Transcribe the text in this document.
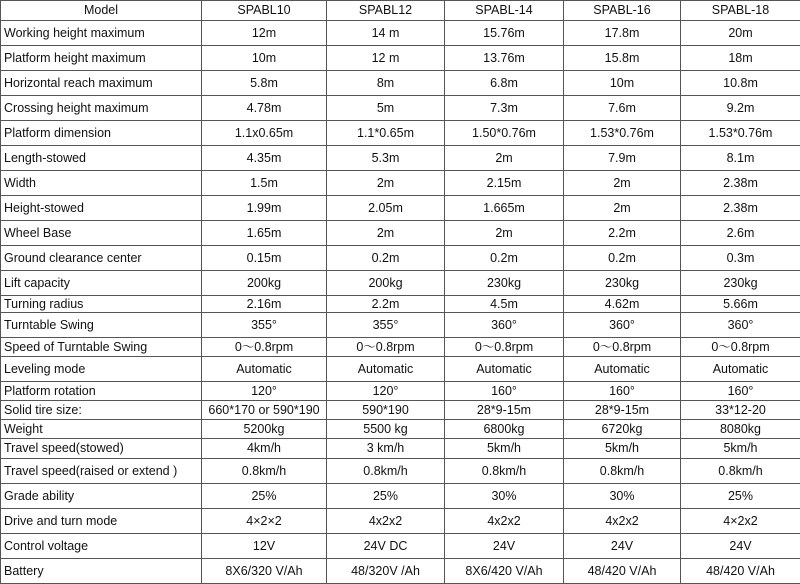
Model	SPABL10	SPABL12	SPABL-14	SPABL-16	SPABL-18
Working height maximum	12m	14 m	15.76m	17.8m	20m
Platform height maximum	10m	12 m	13.76m	15.8m	18m
Horizontal reach maximum	5.8m	8m	6.8m	10m	10.8m
Crossing height maximum	4.78m	5m	7.3m	7.6m	9.2m
Platform dimension	1.1x0.65m	1.1*0.65m	1.50*0.76m	1.53*0.76m	1.53*0.76m
Length-stowed	4.35m	5.3m	2m	7.9m	8.1m
Width	1.5m	2m	2.15m	2m	2.38m
Height-stowed	1.99m	2.05m	1.665m	2m	2.38m
Wheel Base	1.65m	2m	2m	2.2m	2.6m
Ground clearance center	0.15m	0.2m	0.2m	0.2m	0.3m
Lift capacity	200kg	200kg	230kg	230kg	230kg
Turning radius	2.16m	2.2m	4.5m	4.62m	5.66m
Turntable Swing	355°	355°	360°	360°	360°
Speed of Turntable Swing	0～0.8rpm	0～0.8rpm	0～0.8rpm	0～0.8rpm	0～0.8rpm
Leveling mode	Automatic	Automatic	Automatic	Automatic	Automatic
Platform rotation	120°	120°	160°	160°	160°
Solid tire size:	660*170 or 590*190	590*190	28*9-15m	28*9-15m	33*12-20
Weight	5200kg	5500 kg	6800kg	6720kg	8080kg
Travel speed(stowed)	4km/h	3 km/h	5km/h	5km/h	5km/h
Travel speed(raised or extend )	0.8km/h	0.8km/h	0.8km/h	0.8km/h	0.8km/h
Grade ability	25%	25%	30%	30%	25%
Drive and turn mode	4×2×2	4x2x2	4x2x2	4x2x2	4×2x2
Control voltage	12V	24V DC	24V	24V	24V
Battery	8X6/320 V/Ah	48/320V /Ah	8X6/420 V/Ah	48/420 V/Ah	48/420 V/Ah
